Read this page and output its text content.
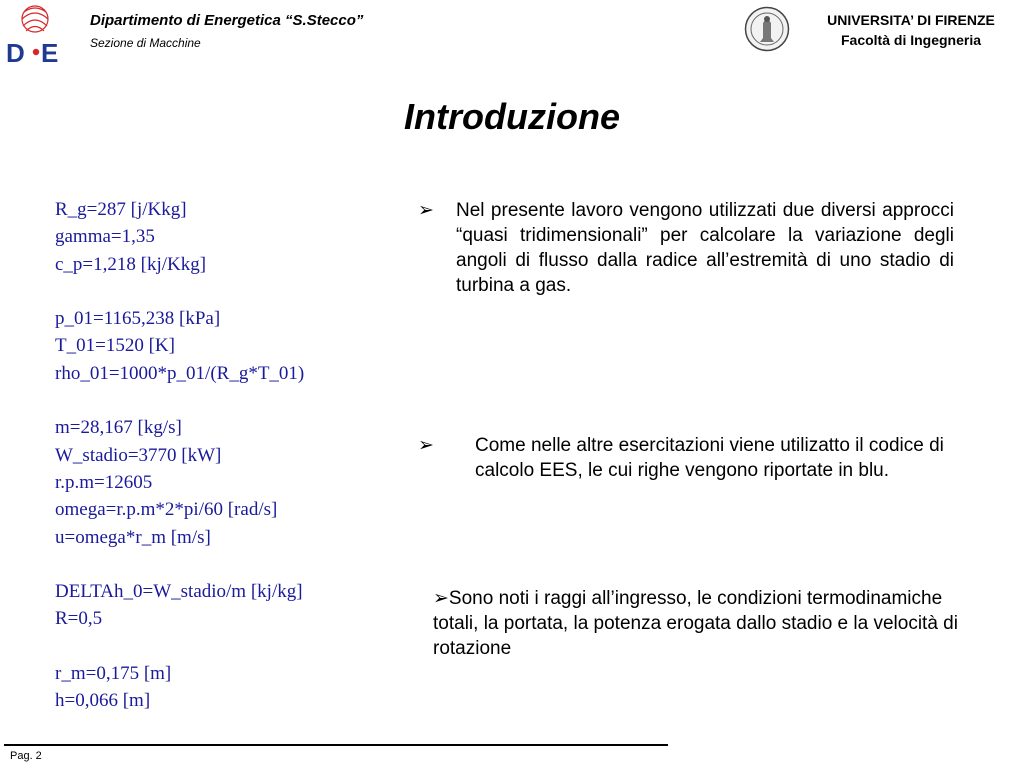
D E
Dipartimento di Energetica “S.Stecco”
Sezione di Macchine
UNIVERSITA’ DI FIRENZE
Facoltà di Ingegneria
Introduzione
R_g=287 [j/Kkg]
gamma=1,35
c_p=1,218 [kj/Kkg]
p_01=1165,238 [kPa]
T_01=1520 [K]
rho_01=1000*p_01/(R_g*T_01)
m=28,167 [kg/s]
W_stadio=3770 [kW]
r.p.m=12605
omega=r.p.m*2*pi/60 [rad/s]
u=omega*r_m [m/s]
DELTAh_0=W_stadio/m [kj/kg]
R=0,5
r_m=0,175 [m]
h=0,066 [m]
➢ Nel presente lavoro vengono utilizzati due diversi approcci “quasi tridimensionali” per calcolare la variazione degli angoli di flusso dalla radice all’estremità di uno stadio di turbina a gas.
➢ Come nelle altre esercitazioni viene utilizatto il codice di calcolo EES, le cui righe vengono riportate in blu.
➢Sono noti i raggi all’ingresso, le condizioni termodinamiche totali, la portata, la potenza erogata dallo stadio e la velocità di rotazione
Pag. 2
